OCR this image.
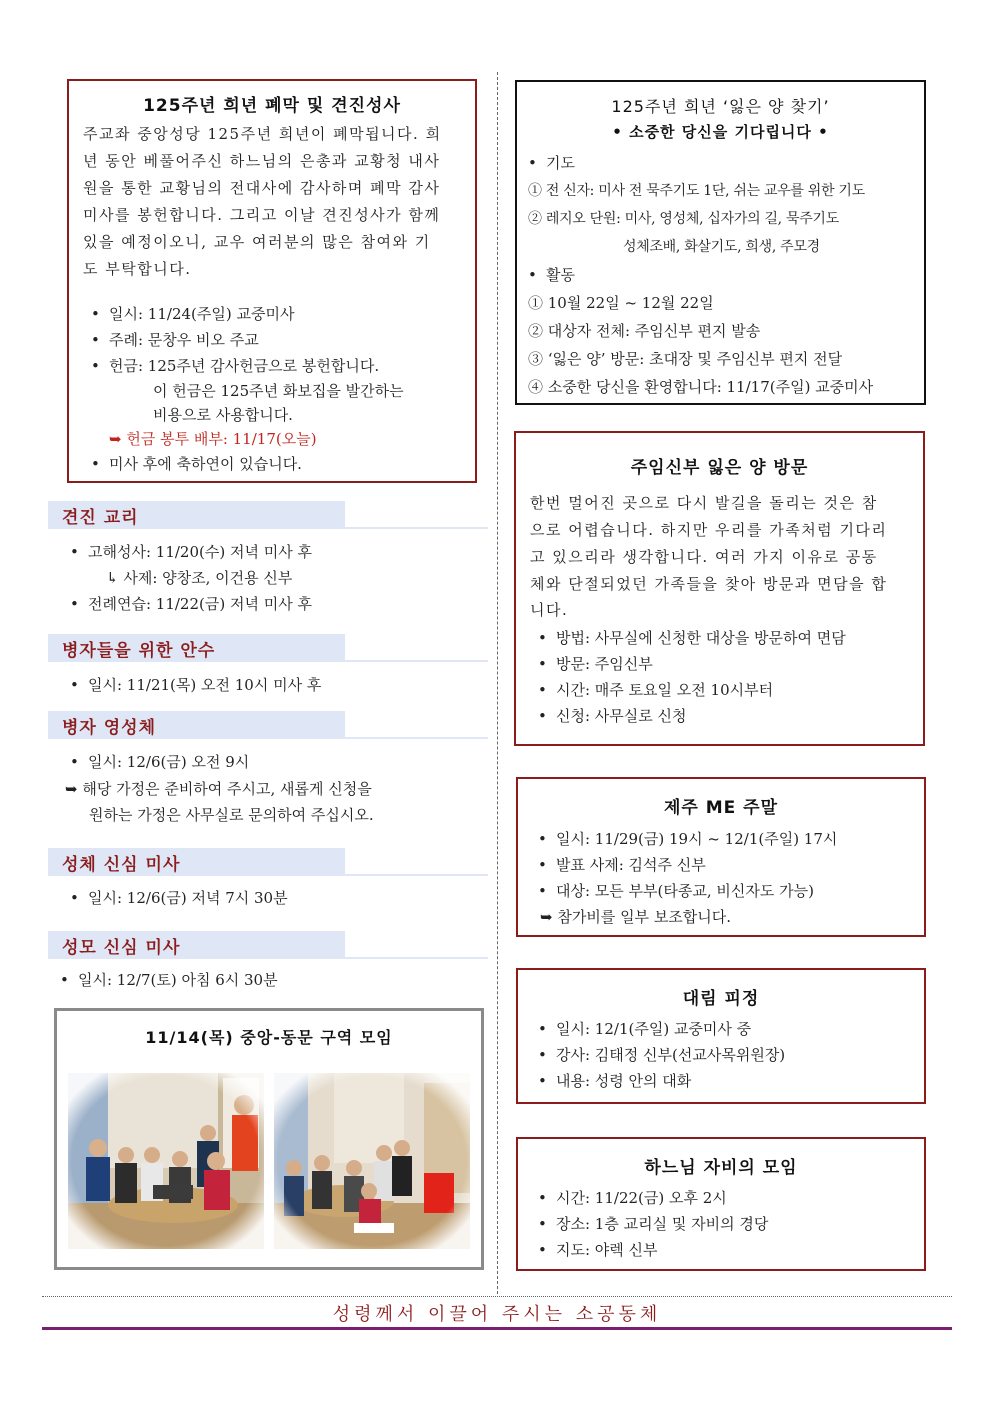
125주년 희년 폐막 및 견진성사
주교좌 중앙성당 125주년 희년이 폐막됩니다. 희
년 동안 베풀어주신 하느님의 은총과 교황청 내사
원을 통한 교황님의 전대사에 감사하며 폐막 감사
미사를 봉헌합니다. 그리고 이날 견진성사가 함께
있을 예정이오니, 교우 여러분의 많은 참여와 기
도 부탁합니다.
• 일시: 11/24(주일) 교중미사
• 주례: 문창우 비오 주교
• 헌금: 125주년 감사헌금으로 봉헌합니다.
이 헌금은 125주년 화보집을 발간하는
비용으로 사용합니다.
➥ 헌금 봉투 배부: 11/17(오늘)
• 미사 후에 축하연이 있습니다.
견진 교리
• 고해성사: 11/20(수) 저녁 미사 후
↳ 사제: 양창조, 이건용 신부
• 전례연습: 11/22(금) 저녁 미사 후
병자들을 위한 안수
• 일시: 11/21(목) 오전 10시 미사 후
병자 영성체
• 일시: 12/6(금) 오전 9시
➥ 해당 가정은 준비하여 주시고, 새롭게 신청을
원하는 가정은 사무실로 문의하여 주십시오.
성체 신심 미사
• 일시: 12/6(금) 저녁 7시 30분
성모 신심 미사
• 일시: 12/7(토) 아침 6시 30분
11/14(목) 중앙-동문 구역 모임
125주년 희년 ‘잃은 양 찾기’
• 소중한 당신을 기다립니다 •
• 기도
① 전 신자: 미사 전 묵주기도 1단, 쉬는 교우를 위한 기도
② 레지오 단원: 미사, 영성체, 십자가의 길, 묵주기도
성체조배, 화살기도, 희생, 주모경
• 활동
① 10월 22일 ~ 12월 22일
② 대상자 전체: 주임신부 편지 발송
③ ‘잃은 양’ 방문: 초대장 및 주임신부 편지 전달
④ 소중한 당신을 환영합니다: 11/17(주일) 교중미사
주임신부 잃은 양 방문
한번 멀어진 곳으로 다시 발길을 돌리는 것은 참
으로 어렵습니다. 하지만 우리를 가족처럼 기다리
고 있으리라 생각합니다. 여러 가지 이유로 공동
체와 단절되었던 가족들을 찾아 방문과 면담을 합
니다.
• 방법: 사무실에 신청한 대상을 방문하여 면담
• 방문: 주임신부
• 시간: 매주 토요일 오전 10시부터
• 신청: 사무실로 신청
제주 ME 주말
• 일시: 11/29(금) 19시 ~ 12/1(주일) 17시
• 발표 사제: 김석주 신부
• 대상: 모든 부부(타종교, 비신자도 가능)
➥ 참가비를 일부 보조합니다.
대림 피정
• 일시: 12/1(주일) 교중미사 중
• 강사: 김태정 신부(선교사목위원장)
• 내용: 성령 안의 대화
하느님 자비의 모임
• 시간: 11/22(금) 오후 2시
• 장소: 1층 교리실 및 자비의 경당
• 지도: 야렉 신부
성령께서 이끌어 주시는 소공동체
